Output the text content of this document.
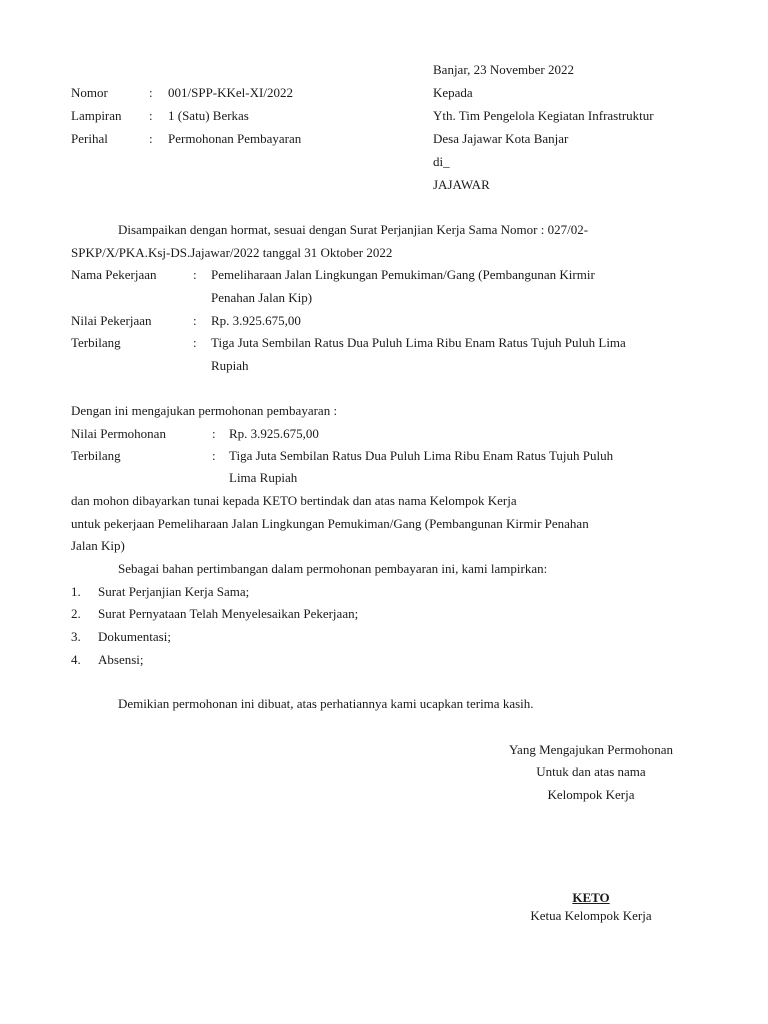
Banjar, 23 November 2022
Nomor	: 001/SPP-KKel-XI/2022
Lampiran : 1 (Satu) Berkas
Perihal	: Permohonan Pembayaran
Kepada
Yth. Tim Pengelola Kegiatan Infrastruktur
Desa Jajawar Kota Banjar
di_
JAJAWAR
Disampaikan dengan hormat, sesuai dengan Surat Perjanjian Kerja Sama Nomor : 027/02-
SPKP/X/PKA.Ksj-DS.Jajawar/2022 tanggal 31 Oktober 2022
Nama Pekerjaan	: Pemeliharaan Jalan Lingkungan Pemukiman/Gang (Pembangunan Kirmir
Penahan Jalan Kip)
Nilai Pekerjaan	: Rp. 3.925.675,00
Terbilang	: Tiga Juta Sembilan Ratus Dua Puluh Lima Ribu Enam Ratus Tujuh Puluh Lima
Rupiah
Dengan ini mengajukan permohonan pembayaran :
Nilai Permohonan	: Rp. 3.925.675,00
Terbilang	: Tiga Juta Sembilan Ratus Dua Puluh Lima Ribu Enam Ratus Tujuh Puluh
Lima Rupiah
dan mohon dibayarkan tunai kepada KETO bertindak dan atas nama Kelompok Kerja
untuk pekerjaan Pemeliharaan Jalan Lingkungan Pemukiman/Gang (Pembangunan Kirmir Penahan
Jalan Kip)
Sebagai bahan pertimbangan dalam permohonan pembayaran ini, kami lampirkan:
1. Surat Perjanjian Kerja Sama;
2. Surat Pernyataan Telah Menyelesaikan Pekerjaan;
3. Dokumentasi;
4. Absensi;
Demikian permohonan ini dibuat, atas perhatiannya kami ucapkan terima kasih.
Yang Mengajukan Permohonan
Untuk dan atas nama
Kelompok Kerja
KETO
Ketua Kelompok Kerja
